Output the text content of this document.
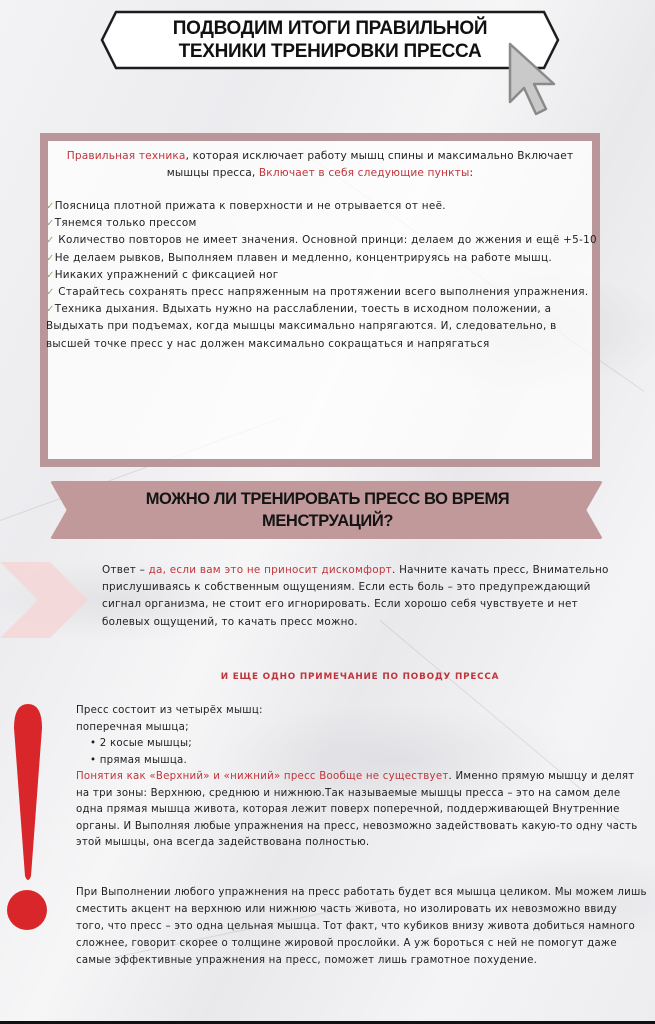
ПОДВОДИМ ИТОГИ ПРАВИЛЬНОЙ
ТЕХНИКИ ТРЕНИРОВКИ ПРЕССА
Правильная техника, которая исключает работу мышц спины и максимально Включает мышцы пресса, Включает в себя следующие пункты:
✓Поясница плотной прижата к поверхности и не отрывается от неё.
✓Тянемся только прессом
✓ Количество повторов не имеет значения. Основной принци: делаем до жжения и ещё +5-10
✓Не делаем рывков, Выполняем плавен и медленно, концентрируясь на работе мышц.
✓Никаких упражнений с фиксацией ног
✓ Старайтесь сохранять пресс напряженным на протяжении всего выполнения упражнения.
✓Техника дыхания. Вдыхать нужно на расслаблении, тоесть в исходном положении, а Выдыхать при подъемах, когда мышцы максимально напрягаются. И, следовательно, в высшей точке пресс у нас должен максимально сокращаться и напрягаться
МОЖНО ЛИ ТРЕНИРОВАТЬ ПРЕСС ВО ВРЕМЯ
МЕНСТРУАЦИЙ?
Ответ – да, если вам это не приносит дискомфорт. Начните качать пресс, Внимательно прислушиваясь к собственным ощущениям. Если есть боль – это предупреждающий сигнал организма, не стоит его игнорировать. Если хорошо себя чувствуете и нет болевых ощущений, то качать пресс можно.
И ЕЩЕ ОДНО ПРИМЕЧАНИЕ ПО ПОВОДУ ПРЕССА
Пресс состоит из четырёх мышц:
поперечная мышца;
• 2 косые мышцы;
• прямая мышца.
Понятия как «Верхний» и «нижний» пресс Вообще не существует. Именно прямую мышцу и делят на три зоны: Верхнюю, среднюю и нижнюю.Так называемые мышцы пресса – это на самом деле одна прямая мышца живота, которая лежит поверх поперечной, поддерживающей Внутренние органы. И Выполняя любые упражнения на пресс, невозможно задействовать какую-то одну часть этой мышцы, она всегда задействована полностью.
При Выполнении любого упражнения на пресс работать будет вся мышца целиком. Мы можем лишь сместить акцент на верхнюю или нижнюю часть живота, но изолировать их невозможно ввиду того, что пресс – это одна цельная мышца. Тот факт, что кубиков внизу живота добиться намного сложнее, говорит скорее о толщине жировой прослойки. А уж бороться с ней не помогут даже самые эффективные упражнения на пресс, поможет лишь грамотное похудение.
